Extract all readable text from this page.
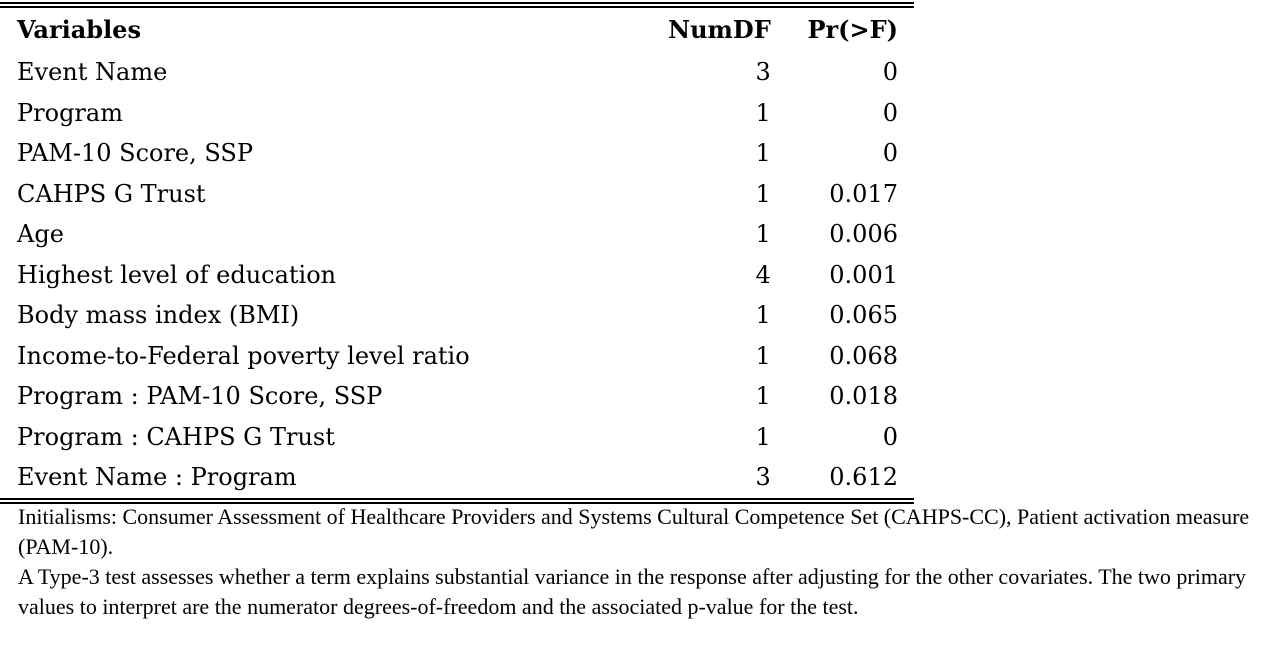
Variables	NumDF	Pr(>F)
Event Name	3	0
Program	1	0
PAM-10 Score, SSP	1	0
CAHPS G Trust	1	0.017
Age	1	0.006
Highest level of education	4	0.001
Body mass index (BMI)	1	0.065
Income-to-Federal poverty level ratio	1	0.068
Program : PAM-10 Score, SSP	1	0.018
Program : CAHPS G Trust	1	0
Event Name : Program	3	0.612

Initialisms: Consumer Assessment of Healthcare Providers and Systems Cultural Competence Set (CAHPS-CC), Patient activation measure (PAM-10).

A Type-3 test assesses whether a term explains substantial variance in the response after adjusting for the other covariates. The two primary values to interpret are the numerator degrees-of-freedom and the associated p-value for the test.
